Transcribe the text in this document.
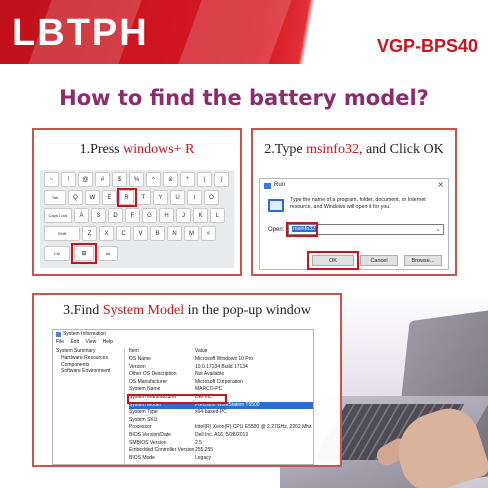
LBTPH	VGP-BPS40
How to find the battery model?
1.Press windows+ R
~	!	@	#	$	%	^	&	*	(	)
Tab	Q	W	E	R	T	Y	U	I	O
Caps Lock	A	S	D	F	G	H	J	K	L
Shift	Z	X	C	V	B	N	M	<
Ctrl	⊞	Alt
2.Type msinfo32, and Click OK
Run	×
Type the name of a program, folder, document, or Internet resource, and Windows will open it for you.
Open: msinfo32	⌄
OK	Cancel	Browse...
3.Find System Model in the pop-up window
System Information
File Edit View Help
System Summary
Hardware Resources
Components
Software Environment
Item	Value
OS Name	Microsoft Windows 10 Pro
Version	10.0.17134 Build 17134
Other OS Description	Not Available
OS Manufacturer	Microsoft Corporation
System Name	MARCO-PC
System Manufacturer	Dell Inc.
System Model	Precision WorkStation T5500
System Type	x64-based PC
System SKU
Processor	Intel(R) Xeon(R) CPU E5520 @ 2.27GHz, 2262 Mhz
BIOS Version/Date	Dell Inc. A16, 5/28/2013
SMBIOS Version	2.5
Embedded Controller Version 255.255
BIOS Mode	Legacy
